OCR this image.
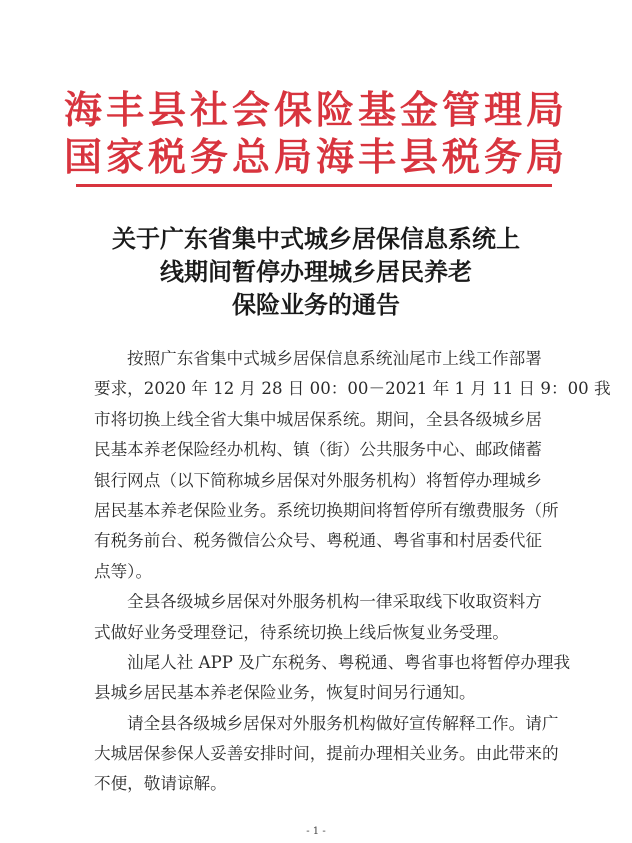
海丰县社会保险基金管理局
国家税务总局海丰县税务局
关于广东省集中式城乡居保信息系统上
线期间暂停办理城乡居民养老
保险业务的通告
按照广东省集中式城乡居保信息系统汕尾市上线工作部署
要求，2020 年 12 月 28 日 00：00－2021 年 1 月 11 日 9：00 我
市将切换上线全省大集中城居保系统。期间，全县各级城乡居
民基本养老保险经办机构、镇（街）公共服务中心、邮政储蓄
银行网点（以下简称城乡居保对外服务机构）将暂停办理城乡
居民基本养老保险业务。系统切换期间将暂停所有缴费服务（所
有税务前台、税务微信公众号、粤税通、粤省事和村居委代征
点等）。
全县各级城乡居保对外服务机构一律采取线下收取资料方
式做好业务受理登记，待系统切换上线后恢复业务受理。
汕尾人社 APP 及广东税务、粤税通、粤省事也将暂停办理我
县城乡居民基本养老保险业务，恢复时间另行通知。
请全县各级城乡居保对外服务机构做好宣传解释工作。请广
大城居保参保人妥善安排时间，提前办理相关业务。由此带来的
不便，敬请谅解。
- 1 -
